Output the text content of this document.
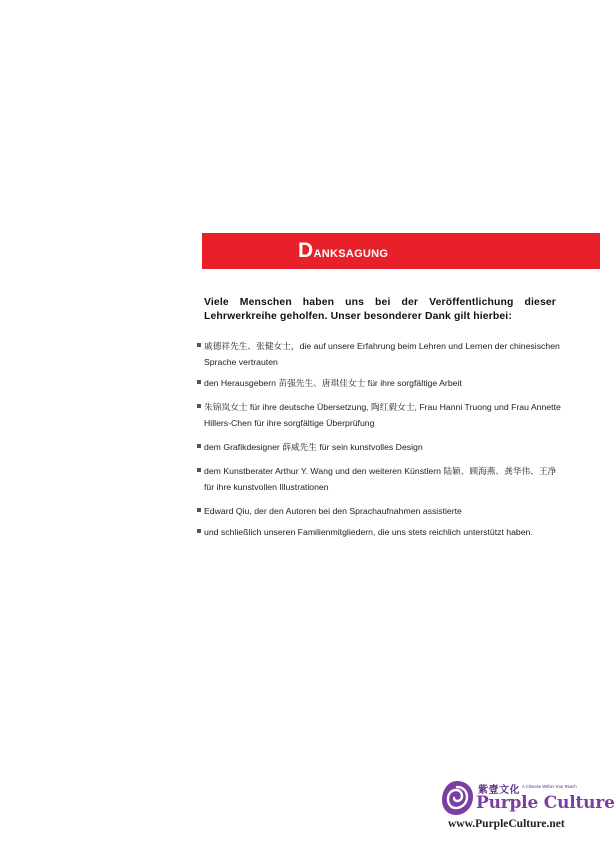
Danksagung
Viele Menschen haben uns bei der Veröffentlichung dieser Lehrwerkreihe geholfen. Unser besonderer Dank gilt hierbei:
戚德祥先生、张健女士，die auf unsere Erfahrung beim Lehren und Lernen der chinesischen Sprache vertrauten
den Herausgebern 苗强先生、唐琪佳女士 für ihre sorgfältige Arbeit
朱锦岚女士 für ihre deutsche Übersetzung, 陶红毅女士, Frau Hanni Truong und Frau Annette Hillers-Chen für ihre sorgfältige Überprüfung
dem Grafikdesigner 薛威先生 für sein kunstvolles Design
dem Kunstberater Arthur Y. Wang und den weiteren Künstlern 陆颖、顾海燕、龚华伟、王净 für ihre kunstvollen Illustrationen
Edward Qiu, der den Autoren bei den Sprachaufnahmen assistierte
und schließlich unseren Familienmitgliedern, die uns stets reichlich unterstützt haben.
紫壹文化 A Chinese Within Your Reach
Purple Culture
www.PurpleCulture.net
